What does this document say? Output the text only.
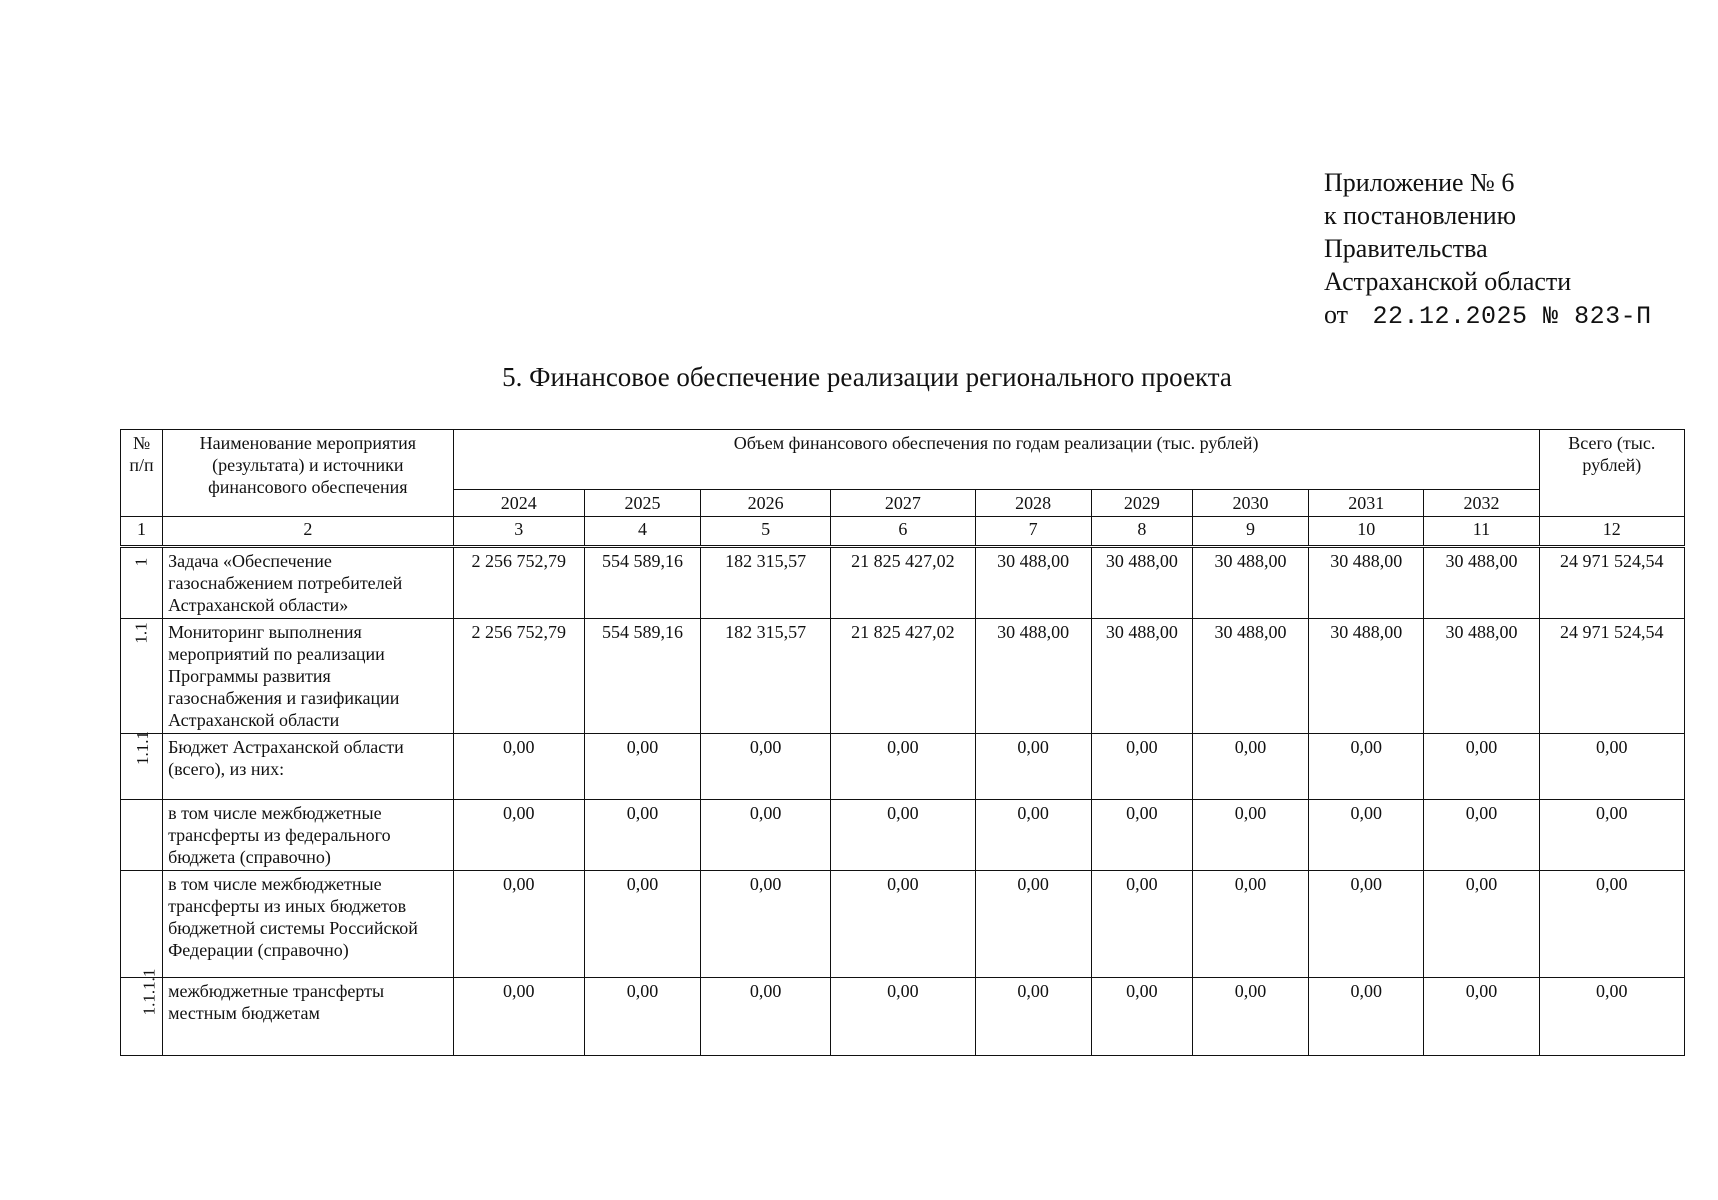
Приложение № 6
к постановлению
Правительства
Астраханской области
от 22.12.2025 № 823-П
5. Финансовое обеспечение реализации регионального проекта
№ п/п	Наименование мероприятия (результата) и источники финансового обеспечения	Объем финансового обеспечения по годам реализации (тыс. рублей)									Всего (тыс. рублей)
		2024	2025	2026	2027	2028	2029	2030	2031	2032	
1	2	3	4	5	6	7	8	9	10	11	12
1	Задача «Обеспечение газоснабжением потребителей Астраханской области»	2 256 752,79	554 589,16	182 315,57	21 825 427,02	30 488,00	30 488,00	30 488,00	30 488,00	30 488,00	24 971 524,54
1.1	Мониторинг выполнения мероприятий по реализации Программы развития газоснабжения и газификации Астраханской области	2 256 752,79	554 589,16	182 315,57	21 825 427,02	30 488,00	30 488,00	30 488,00	30 488,00	30 488,00	24 971 524,54
1.1.1	Бюджет Астраханской области (всего), из них:	0,00	0,00	0,00	0,00	0,00	0,00	0,00	0,00	0,00	0,00
	в том числе межбюджетные трансферты из федерального бюджета (справочно)	0,00	0,00	0,00	0,00	0,00	0,00	0,00	0,00	0,00	0,00
	в том числе межбюджетные трансферты из иных бюджетов бюджетной системы Российской Федерации (справочно)	0,00	0,00	0,00	0,00	0,00	0,00	0,00	0,00	0,00	0,00
1.1.1.1	межбюджетные трансферты местным бюджетам	0,00	0,00	0,00	0,00	0,00	0,00	0,00	0,00	0,00	0,00
